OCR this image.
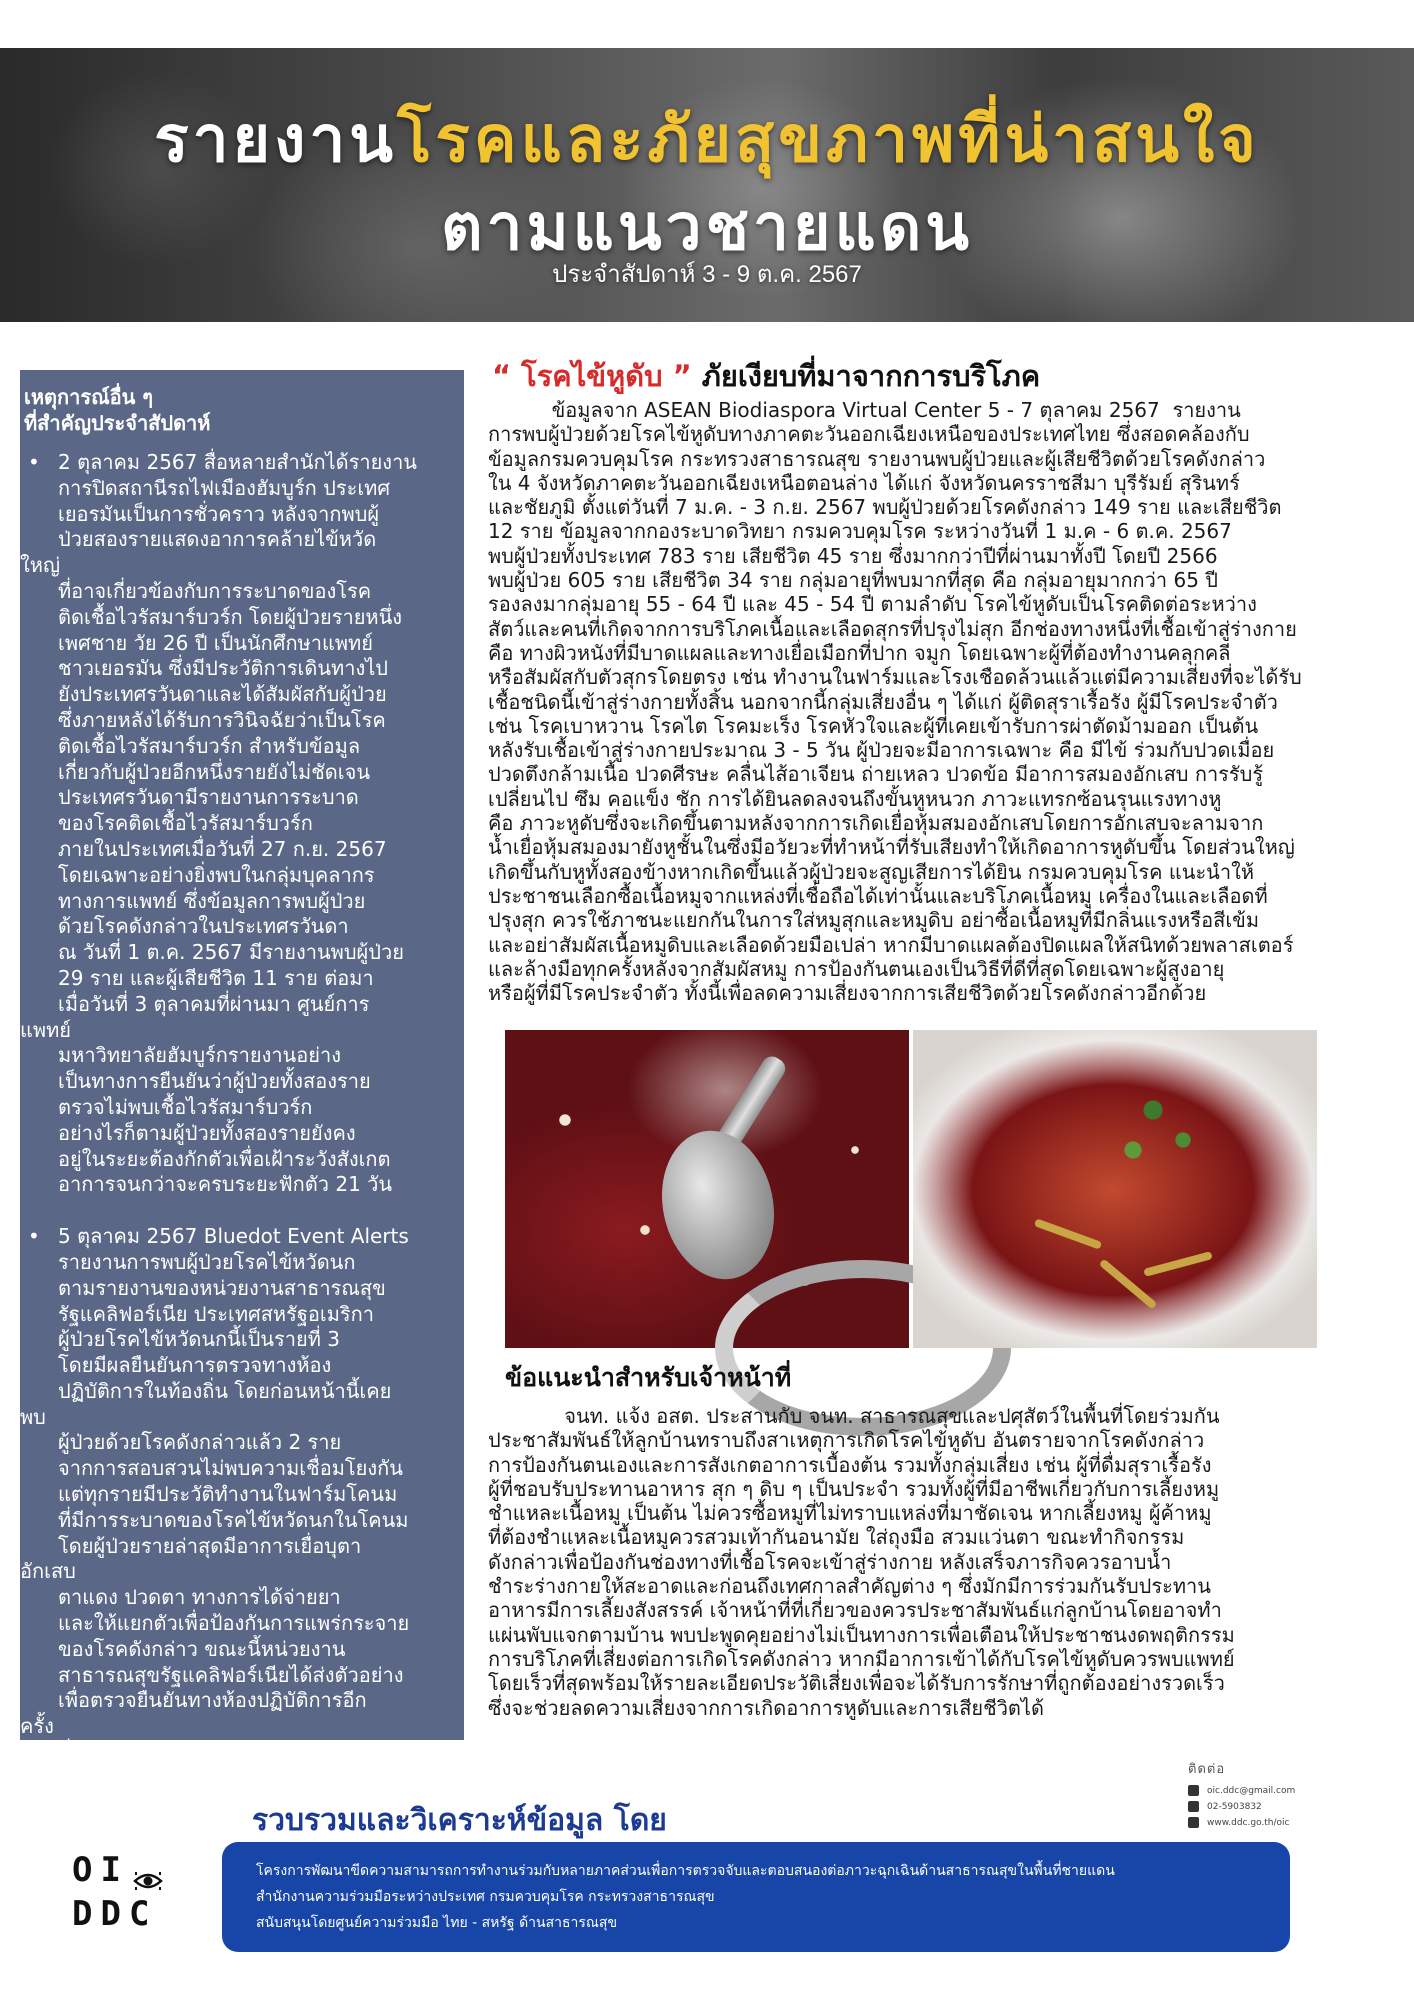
รายงานโรคและภัยสุขภาพที่น่าสนใจ
ตามแนวชายแดน
ประจำสัปดาห์ 3 - 9 ต.ค. 2567
เหตุการณ์อื่น ๆ
ที่สำคัญประจำสัปดาห์
• 2 ตุลาคม 2567 สื่อหลายสำนักได้รายงาน
การปิดสถานีรถไฟเมืองฮัมบูร์ก ประเทศ
เยอรมันเป็นการชั่วคราว หลังจากพบผู้
ป่วยสองรายแสดงอาการคล้ายไข้หวัด
ใหญ่
ที่อาจเกี่ยวข้องกับการระบาดของโรค
ติดเชื้อไวรัสมาร์บวร์ก โดยผู้ป่วยรายหนึ่ง
เพศชาย วัย 26 ปี เป็นนักศึกษาแพทย์
ชาวเยอรมัน ซึ่งมีประวัติการเดินทางไป
ยังประเทศรวันดาและได้สัมผัสกับผู้ป่วย
ซึ่งภายหลังได้รับการวินิจฉัยว่าเป็นโรค
ติดเชื้อไวรัสมาร์บวร์ก สำหรับข้อมูล
เกี่ยวกับผู้ป่วยอีกหนึ่งรายยังไม่ชัดเจน
ประเทศรวันดามีรายงานการระบาด
ของโรคติดเชื้อไวรัสมาร์บวร์ก
ภายในประเทศเมื่อวันที่ 27 ก.ย. 2567
โดยเฉพาะอย่างยิ่งพบในกลุ่มบุคลากร
ทางการแพทย์ ซึ่งข้อมูลการพบผู้ป่วย
ด้วยโรคดังกล่าวในประเทศรวันดา
ณ วันที่ 1 ต.ค. 2567 มีรายงานพบผู้ป่วย
29 ราย และผู้เสียชีวิต 11 ราย ต่อมา
เมื่อวันที่ 3 ตุลาคมที่ผ่านมา ศูนย์การ
แพทย์
มหาวิทยาลัยฮัมบูร์กรายงานอย่าง
เป็นทางการยืนยันว่าผู้ป่วยทั้งสองราย
ตรวจไม่พบเชื้อไวรัสมาร์บวร์ก
อย่างไรก็ตามผู้ป่วยทั้งสองรายยังคง
อยู่ในระยะต้องกักตัวเพื่อเฝ้าระวังสังเกต
อาการจนกว่าจะครบระยะฟักตัว 21 วัน
• 5 ตุลาคม 2567 Bluedot Event Alerts
รายงานการพบผู้ป่วยโรคไข้หวัดนก
ตามรายงานของหน่วยงานสาธารณสุข
รัฐแคลิฟอร์เนีย ประเทศสหรัฐอเมริกา
ผู้ป่วยโรคไข้หวัดนกนี้เป็นรายที่ 3
โดยมีผลยืนยันการตรวจทางห้อง
ปฏิบัติการในท้องถิ่น โดยก่อนหน้านี้เคย
พบ
ผู้ป่วยด้วยโรคดังกล่าวแล้ว 2 ราย
จากการสอบสวนไม่พบความเชื่อมโยงกัน
แต่ทุกรายมีประวัติทำงานในฟาร์มโคนม
ที่มีการระบาดของโรคไข้หวัดนกในโคนม
โดยผู้ป่วยรายล่าสุดมีอาการเยื่อบุตา
อักเสบ
ตาแดง ปวดตา ทางการได้จ่ายยา
และให้แยกตัวเพื่อป้องกันการแพร่กระจาย
ของโรคดังกล่าว ขณะนี้หน่วยงาน
สาธารณสุขรัฐแคลิฟอร์เนียได้ส่งตัวอย่าง
เพื่อตรวจยืนยันทางห้องปฏิบัติการอีก
ครั้ง
ที่ศูนย์ควบคุมโรคติดต่อสหรัฐอเมริกา
“ โรคไข้หูดับ ” ภัยเงียบที่มาจากการบริโภค
ข้อมูลจาก ASEAN Biodiaspora Virtual Center 5 - 7 ตุลาคม 2567  รายงาน
การพบผู้ป่วยด้วยโรคไข้หูดับทางภาคตะวันออกเฉียงเหนือของประเทศไทย ซึ่งสอดคล้องกับ
ข้อมูลกรมควบคุมโรค กระทรวงสาธารณสุข รายงานพบผู้ป่วยและผู้เสียชีวิตด้วยโรคดังกล่าว
ใน 4 จังหวัดภาคตะวันออกเฉียงเหนือตอนล่าง ได้แก่ จังหวัดนครราชสีมา บุรีรัมย์ สุรินทร์
และชัยภูมิ ตั้งแต่วันที่ 7 ม.ค. - 3 ก.ย. 2567 พบผู้ป่วยด้วยโรคดังกล่าว 149 ราย และเสียชีวิต
12 ราย ข้อมูลจากกองระบาดวิทยา กรมควบคุมโรค ระหว่างวันที่ 1 ม.ค - 6 ต.ค. 2567
พบผู้ป่วยทั้งประเทศ 783 ราย เสียชีวิต 45 ราย ซึ่งมากกว่าปีที่ผ่านมาทั้งปี โดยปี 2566
พบผู้ป่วย 605 ราย เสียชีวิต 34 ราย กลุ่มอายุที่พบมากที่สุด คือ กลุ่มอายุมากกว่า 65 ปี
รองลงมากลุ่มอายุ 55 - 64 ปี และ 45 - 54 ปี ตามลำดับ โรคไข้หูดับเป็นโรคติดต่อระหว่าง
สัตว์และคนที่เกิดจากการบริโภคเนื้อและเลือดสุกรที่ปรุงไม่สุก อีกช่องทางหนึ่งที่เชื้อเข้าสู่ร่างกาย
คือ ทางผิวหนังที่มีบาดแผลและทางเยื่อเมือกที่ปาก จมูก โดยเฉพาะผู้ที่ต้องทำงานคลุกคลี
หรือสัมผัสกับตัวสุกรโดยตรง เช่น ทำงานในฟาร์มและโรงเชือดล้วนแล้วแต่มีความเสี่ยงที่จะได้รับ
เชื้อชนิดนี้เข้าสู่ร่างกายทั้งสิ้น นอกจากนี้กลุ่มเสี่ยงอื่น ๆ ได้แก่ ผู้ติดสุราเรื้อรัง ผู้มีโรคประจำตัว
เช่น โรคเบาหวาน โรคไต โรคมะเร็ง โรคหัวใจและผู้ที่เคยเข้ารับการผ่าตัดม้ามออก เป็นต้น
หลังรับเชื้อเข้าสู่ร่างกายประมาณ 3 - 5 วัน ผู้ป่วยจะมีอาการเฉพาะ คือ มีไข้ ร่วมกับปวดเมื่อย
ปวดตึงกล้ามเนื้อ ปวดศีรษะ คลื่นไส้อาเจียน ถ่ายเหลว ปวดข้อ มีอาการสมองอักเสบ การรับรู้
เปลี่ยนไป ซึม คอแข็ง ชัก การได้ยินลดลงจนถึงขั้นหูหนวก ภาวะแทรกซ้อนรุนแรงทางหู
คือ ภาวะหูดับซึ่งจะเกิดขึ้นตามหลังจากการเกิดเยื่อหุ้มสมองอักเสบโดยการอักเสบจะลามจาก
น้ำเยื่อหุ้มสมองมายังหูชั้นในซึ่งมีอวัยวะที่ทำหน้าที่รับเสียงทำให้เกิดอาการหูดับขึ้น โดยส่วนใหญ่
เกิดขึ้นกับหูทั้งสองข้างหากเกิดขึ้นแล้วผู้ป่วยจะสูญเสียการได้ยิน กรมควบคุมโรค แนะนำให้
ประชาชนเลือกซื้อเนื้อหมูจากแหล่งที่เชื่อถือได้เท่านั้นและบริโภคเนื้อหมู เครื่องในและเลือดที่
ปรุงสุก ควรใช้ภาชนะแยกกันในการใส่หมูสุกและหมูดิบ อย่าซื้อเนื้อหมูที่มีกลิ่นแรงหรือสีเข้ม
และอย่าสัมผัสเนื้อหมูดิบและเลือดด้วยมือเปล่า หากมีบาดแผลต้องปิดแผลให้สนิทด้วยพลาสเตอร์
และล้างมือทุกครั้งหลังจากสัมผัสหมู การป้องกันตนเองเป็นวิธีที่ดีที่สุดโดยเฉพาะผู้สูงอายุ
หรือผู้ที่มีโรคประจำตัว ทั้งนี้เพื่อลดความเสี่ยงจากการเสียชีวิตด้วยโรคดังกล่าวอีกด้วย
ข้อแนะนำสำหรับเจ้าหน้าที่
จนท. แจ้ง อสต. ประสานกับ จนท. สาธารณสุขและปศุสัตว์ในพื้นที่โดยร่วมกัน
ประชาสัมพันธ์ให้ลูกบ้านทราบถึงสาเหตุการเกิดโรคไข้หูดับ อันตรายจากโรคดังกล่าว
การป้องกันตนเองและการสังเกตอาการเบื้องต้น รวมทั้งกลุ่มเสี่ยง เช่น ผู้ที่ดื่มสุราเรื้อรัง
ผู้ที่ชอบรับประทานอาหาร สุก ๆ ดิบ ๆ เป็นประจำ รวมทั้งผู้ที่มีอาชีพเกี่ยวกับการเลี้ยงหมู
ชำแหละเนื้อหมู เป็นต้น ไม่ควรซื้อหมูที่ไม่ทราบแหล่งที่มาชัดเจน หากเลี้ยงหมู ผู้ค้าหมู
ที่ต้องชำแหละเนื้อหมูควรสวมเท้ากันอนามัย ใส่ถุงมือ สวมแว่นตา ขณะทำกิจกรรม
ดังกล่าวเพื่อป้องกันช่องทางที่เชื้อโรคจะเข้าสู่ร่างกาย หลังเสร็จภารกิจควรอาบน้ำ
ชำระร่างกายให้สะอาดและก่อนถึงเทศกาลสำคัญต่าง ๆ ซึ่งมักมีการร่วมกันรับประทาน
อาหารมีการเลี้ยงสังสรรค์ เจ้าหน้าที่ที่เกี่ยวของควรประชาสัมพันธ์แก่ลูกบ้านโดยอาจทำ
แผ่นพับแจกตามบ้าน พบปะพูดคุยอย่างไม่เป็นทางการเพื่อเตือนให้ประชาชนงดพฤติกรรม
การบริโภคที่เสี่ยงต่อการเกิดโรคดังกล่าว หากมีอาการเข้าได้กับโรคไข้หูดับควรพบแพทย์
โดยเร็วที่สุดพร้อมให้รายละเอียดประวัติเสี่ยงเพื่อจะได้รับการรักษาที่ถูกต้องอย่างรวดเร็ว
ซึ่งจะช่วยลดความเสี่ยงจากการเกิดอาการหูดับและการเสียชีวิตได้
รวบรวมและวิเคราะห์ข้อมูล โดย
ติดต่อ
oic.ddc@gmail.com
02-5903832
www.ddc.go.th/oic
OI
DDC
โครงการพัฒนาขีดความสามารถการทำงานร่วมกับหลายภาคส่วนเพื่อการตรวจจับและตอบสนองต่อภาวะฉุกเฉินด้านสาธารณสุขในพื้นที่ชายแดน
สำนักงานความร่วมมือระหว่างประเทศ กรมควบคุมโรค กระทรวงสาธารณสุข
สนับสนุนโดยศูนย์ความร่วมมือ ไทย - สหรัฐ ด้านสาธารณสุข
